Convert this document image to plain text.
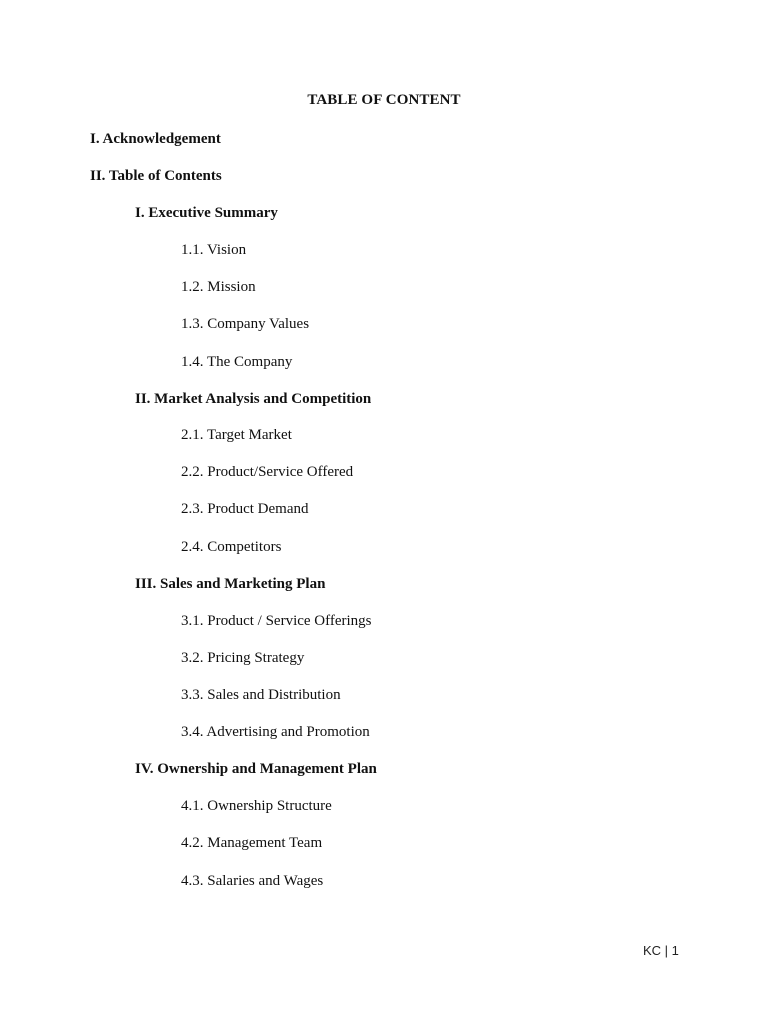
TABLE OF CONTENT
I. Acknowledgement
II. Table of Contents
I. Executive Summary
1.1. Vision
1.2. Mission
1.3. Company Values
1.4. The Company
II. Market Analysis and Competition
2.1. Target Market
2.2. Product/Service Offered
2.3. Product Demand
2.4. Competitors
III. Sales and Marketing Plan
3.1. Product / Service Offerings
3.2. Pricing Strategy
3.3. Sales and Distribution
3.4. Advertising and Promotion
IV. Ownership and Management Plan
4.1. Ownership Structure
4.2. Management Team
4.3. Salaries and Wages
KC | 1
